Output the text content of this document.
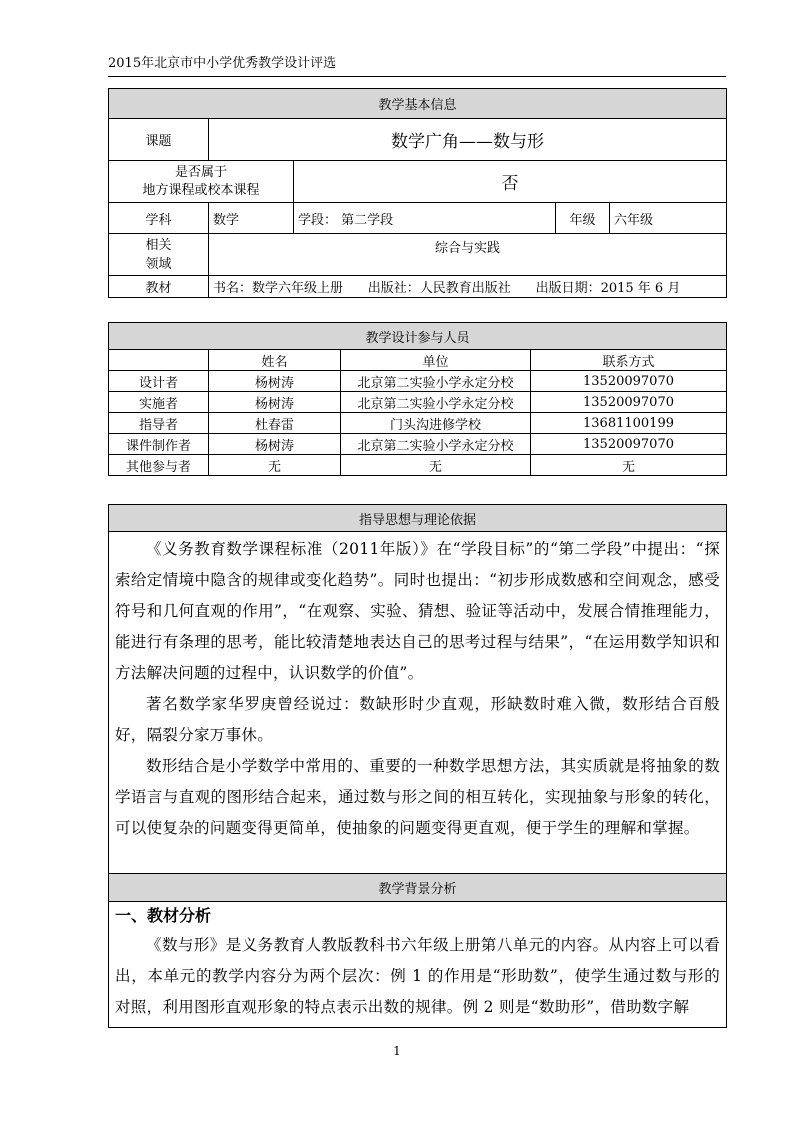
2015年北京市中小学优秀教学设计评选
教学基本信息				
课题	数学广角——数与形			

是否属于
地方课程或校本课程		否		
学科	数学	学段： 第二学段	年级	六年级

相关
领域	综合与实践			
教材	书名：数学六年级上册      出版社：人民教育出版社      出版日期：2015 年 6 月			
教学设计参与人员			
	姓名	单位	联系方式
设计者	杨树涛	北京第二实验小学永定分校	13520097070
实施者	杨树涛	北京第二实验小学永定分校	13520097070
指导者	杜春雷	门头沟进修学校	13681100199
课件制作者	杨树涛	北京第二实验小学永定分校	13520097070
其他参与者	无	无	无
指导思想与理论依据

《义务教育数学课程标准（2011年版）》在“学段目标”的“第二学段”中提出：“探索给定情境中隐含的规律或变化趋势”。同时也提出：“初步形成数感和空间观念，感受符号和几何直观的作用”，“在观察、实验、猜想、验证等活动中，发展合情推理能力，能进行有条理的思考，能比较清楚地表达自己的思考过程与结果”，“在运用数学知识和方法解决问题的过程中，认识数学的价值”。

著名数学家华罗庚曾经说过：数缺形时少直观，形缺数时难入微，数形结合百般好，隔裂分家万事休。

数形结合是小学数学中常用的、重要的一种数学思想方法，其实质就是将抽象的数学语言与直观的图形结合起来，通过数与形之间的相互转化，实现抽象与形象的转化，可以使复杂的问题变得更简单，使抽象的问题变得更直观，便于学生的理解和掌握。

教学背景分析

一、教材分析

《数与形》是义务教育人教版教科书六年级上册第八单元的内容。从内容上可以看出，本单元的教学内容分为两个层次：例 1 的作用是“形助数”，使学生通过数与形的对照，利用图形直观形象的特点表示出数的规律。例 2 则是“数助形”，借助数字解

1
